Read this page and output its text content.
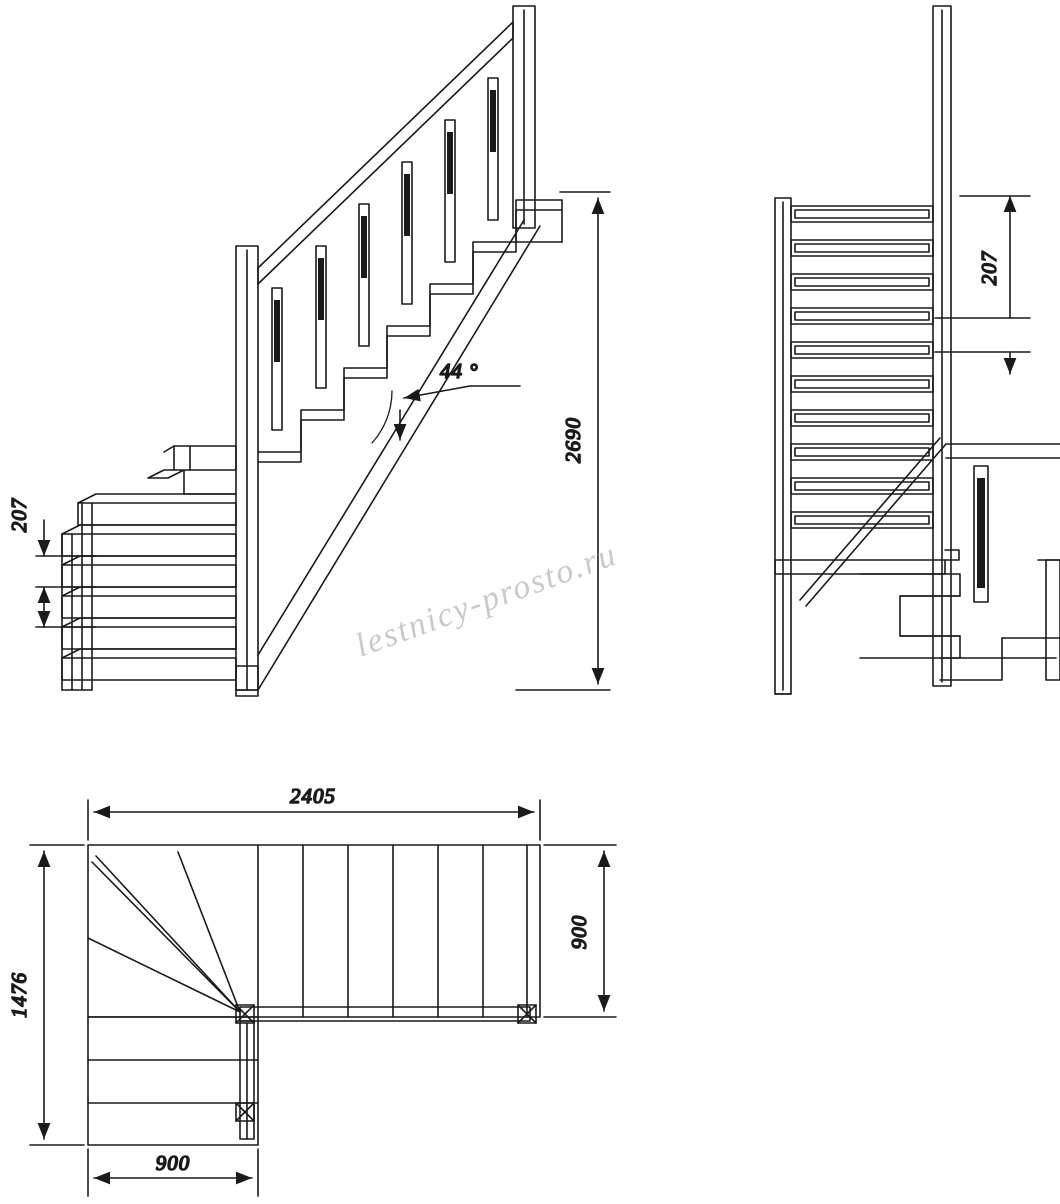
2690
207
44 °
207
2405
1476
900
900
lestnicy-prosto.ru
